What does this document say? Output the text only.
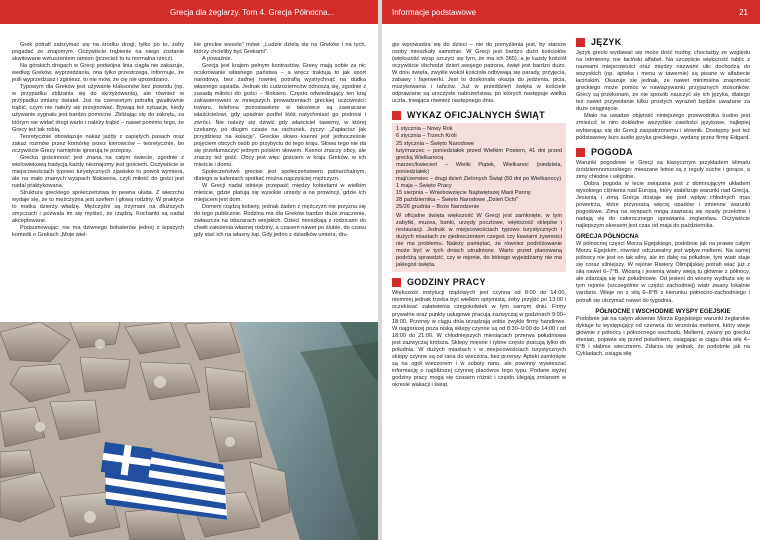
Grecja dla żeglarzy. Tom 4. Grecja Północna...

Grek potrafi zatrzymać się na środku drogi, tylko po to, żeby pogadać ze znajomym. Oczywiście trąbienie na niego zostanie skwitowane wzruszeniem ramion (przecież to tu normalna rzecz).

Na górskich drogach w Grecji podwójna linia ciągła nie zakazuje, według Greków, wyprzedzania, ona tylko przestrzega, informuje, że jeśli wyprzedzasz i zginiesz, to nie mów, że cię nie uprzedzano.

Typowym dla Greków jest używanie klaksonów bez powodu (np. w przypadku zbliżania się do skrzyżowania), ale również w przypadku zmiany świateł. Już na czerwonym potrafią gwałtownie trąbić, czym nie należy się przejmować. Bywają też sytuacje, kiedy używanie sygnału jest bardzo pomocne. Zbliżając się do zakrętu, za którym nie widać drogi warto i należy trąbić – nawet pomimo tego, że Grecy też tak robią.

Teoretycznie obowiązuje nakaz jazdy z zapiętych pasach oraz zakaz rozmów przez komórkę przez kierowców – teoretycznie, bo oczywiście Grecy namiętnie ignorują te przepisy.

Grecka gościnność jest znana na całym świecie, zgodnie z wielowiekową tradycją każdy nieznajomy jest gościem. Oczywiście w miejscowościach typowo turystycznych zjawisko to powoli wymiera, ale na mało znanych wyspach filoksenia, czyli miłość do gości jest nadal praktykowana.

Struktura greckiego społeczeństwa to pewna ułuda. Z wierzchu wydaje się, że to mężczyzna jest szefem i głową rodziny. W praktyce to matka dzierży władzę. Mężczyźni są trzymani na dłuższych smyczach i pozwala im się myśleć, że rządzą. Kochanki są nadal akceptowane.

Podsumowując: nie ma dziwnego bohaterów jednej z lepszych komedii o Grekach „Moje wiel-

kie greckie wesele” mówi: „Ludzie dzielą się na Greków i na tych, którzy chcieliby być Grekami”.

A powaźnie.

Grecja jest krajem pełnym kontrastów. Greey mają sobie za nic ocukrowanie własnego państwa – a wręcz traktują to jak sport narodowy, bez żadnej rowniej potrafią wystrychnąć na dudka własnego sąsiada. Jednak do cudzoziemców odnoszą się, zgodnie z zasadą miłości do gości – filokseni. Często odwiedzający ten kraj zakwaterowani w mniejszych prowadzeniach greckiej uczciwości: towaru, telefonu pozostawione w taksówce są zawracane właścicielowi, gdy upadnie portfel któś natychmiast go podnosi i zwróci. Nie należy się dziwić gdy właściciel tawerny, w której czekamy, po długim czasie na rachunek, życzy: „Zapłacisz jak przyjdziesz na kolację”. Greckie słowo ksenoi jest jednocześnie pojęciem obcych osób po przybyciu do tego kraju. Słowa tego nie da się przetłumaczyć jednym polskim słowem. Ksenoi znaczy obcy, ale znaczy też gość. Obcy jest więc gościem w kraju Greków, w ich mieście i domu.

Społeczeństwo greckie jest społeczeństwem patriarchalnym, dlatego w kafeniach spotkać można najczęściej mężczyzn.

W Grecji nadal istnieje przepaść między kobietami w wielkim mieście, gdzie platują się wysokie urzędy a na prowincji, gdzie ich miejscem jest dom.

Domem rządzą kobiety, jednak żaden z mężczyzn nie przyzna się do tego publicznie. Rodzina ma dla Greków bardzo duże znaczenie, zwłaszcza na obszarach wiejskich. Dzieci mieszkają z rodzicami do chwili założenia własnej rodziny, a czasem nawet po ślubie, do czasu gdy stać ich na własny kąt. Gdy jedno z dziadków umiera, dru-

Informacje podstawowe	21

gie wprowadza się do dzieci – nie do pomyślenia jest, by starsze osoby mieszkały samotnie. W Grecji jest bardzo dużo kościołów (większość wysp szczyci się tym, że ma ich 365), a je każdy kościół oczywiście obchodzi dzień swojego patrona, święt jest bardzo dużo. W dniu święta, zwykle wokół kościoła odbywają się parady, przyjęcia, zabawy i fajerwerki. Jest to doskonała okazja do jedzenia, picia, muzykowania i tańców. Już w przeddzień święta w kościele odprawiane są uroczyste nabożeństwa, po których następuje wielka uczta, trwająca również następnego dnia.

WYKAZ OFICJALNYCH ŚWIĄT
1 stycznia – Nowy Rok
6 stycznia – Trzech Króli
25 stycznia – Święto Narodowe
luty/marzec – poniedziałek przed Wielkim Postem, 41 dni przed grecką Wielkanocą
marzec/kwiecień – Wielki Piątek, Wielkanoc (niedziela, poniedziałek)
maj/czerwiec – drugi dzień Zielonych Świąt (50 dni po Wielkanocy)
1 maja – Święto Pracy
15 sierpnia – Wniebowzięcie Najświętszej Marii Panny
28 października – Święto Narodowe „Dzień Ochi”
25/26 grudnia – Boże Narodzenie

W oficjalne święta większość W Grecji jest zamknięte, w tym zabytki, muzea, banki, urzędy pocztowe, większość sklepów i restauracji. Jednak w miejscowościach typowo turystycznych i dużych miastach ze zjednoczeniem czegoś czy kawiarni żywności nie ma problemu. Należy pamiętać, że również podróżowanie może być w tych dniach utrudnione. Warto przed planowaną podróżą sprawdzić, czy w rejonie, do którego wyjeżdżamy nie ma jakiegoś święta.

GODZINY PRACY

Większość instytucji rządowych jest czynna od 8:00 do 14:00, niemniej jednak trzeba być wielkim optymistą, żeby przyjść po 13:00 i oczekiwać załatwienia czegokolwiek w tym samym dniu. Firmy prywatne oraz punkty usługowe pracują zazwyczaj w godzinach 9:00–18:00. Przerwy w ciągu dnia urządzają sobie zwykle firmy handlowe. W najgorszej poza niską sklepy czynne są od 8:30–9:00 do 14:00 i od 18:00 do 21:00. W chłodniejszych miesiącach przerwa południowa jest zazwyczaj krótsza. Sklepy mięsne i rybne często pracują tylko do południa. W dużych miastach i w miejscowościach turystycznych sklepy czynne są od rana do wieczora, bez przerwy. Apteki zamknięte są na ogół wieczorem i w soboty rano, ale powinny wywieszać informację o najbliższej czynnej placówce tego typu. Podane wyżej godziny pracy mogą się czasem różnić i często ulegają zmianom w okresie wakacji i świąt.

JĘZYK

Język grecki wydawać się może dość trudny, chociażby ze względu na odmienny, nie łaciński alfabet. Na szczęście większość tablic z nazwami miejscowości oraz między nazwami ulic dochodzą do wszyskich (np. apteka i menu w tawernie) są pisane w alfabecie łacińskim. Okazuje się jednak, że nawet minimalna znajomość greckiego może pomóc w nawiązywaniu przyjaznych stosunków. Grecy są przekonani, że nie sposób nauczyć się ich języka, dlatego też nawet przywołanie kilku prostych wyrażeń będzie uważane za duże osiągnięcie.

Miało na uwadze objętość niniejszego przewodnika trudno jest zmieścić w nim dokładne wszystkie zawiłości językowe, najlepiej wybierając się do Grecji zaopatrzonemu i słownik. Dostępny jest też podstawowy kurs audio języka greckiego, wydany przez firmę Edgard.

POGODA

Warunki pogodowe w Grecji są klasycznym przykładem klimatu śródziemnomorskiego: mieszane letnie są z reguły suche i gorące, a zimy chłodne i wilgotne.

Dobra pogoda w lecie związana jest z dominującym układem wysokiego ciśnienia nad Europą, który stabilizuje warunki nad Grecją. Jesienią i zimą Grecja dostaje się pod wpływ chłodnych mas powietrza, które przynoszą więcej opadów i zmienne warunki pogodowe. Zimą na wyspach mogą zawracaj się opady przelotne i nadają się do całorocznego uprawiania żeglarstwa. Oczywiście najlepszym okresem jest czas od maja do października.

GRECJA PÓŁNOCNA

W północnej części Morza Egejskiego, podobnie jak na prawie całym Morzu Egejskim, również odczuwalny jest wpływ meltemi. Na samej północy nie jest on tak silny, ale im dalej na południe, tym wiatr staje się coraz silniejszy. W rejonie Riwiery Olimpijskiej potrafi wiać już z siłą nawet 6–7°B. Wiosną i jesienią wiatry wieją tu głównie z północy, ale zdarzają się też południowe. Od jesieni do wiosny wydłuża się w tym rejonie (szczególnie w części zachodniej) wiatr zwany lokalnie vardaris. Wieje on z siłą 6–8°B z kierunku północno-zachodniego i potrafi się utrzymać nawet do tygodnia.

PÓŁNOCNE I WSCHODNIE WYSPY EGEJSKIE

Podobnie jak na całym akwenie Morza Egejskiego warunki żeglarskie dyktuje tu występujący od czerwca do września meltemi, który wieje głównie z północy i północnego wschodu. Meltemi, zwany po grecku etesian, pojawia się przed południem, osiągając w ciągu dnia siłę 4–6°B i słabnie wieczorem. Zdarza się jednak, że podobnie jak na Cykladach, osiąga siłę
